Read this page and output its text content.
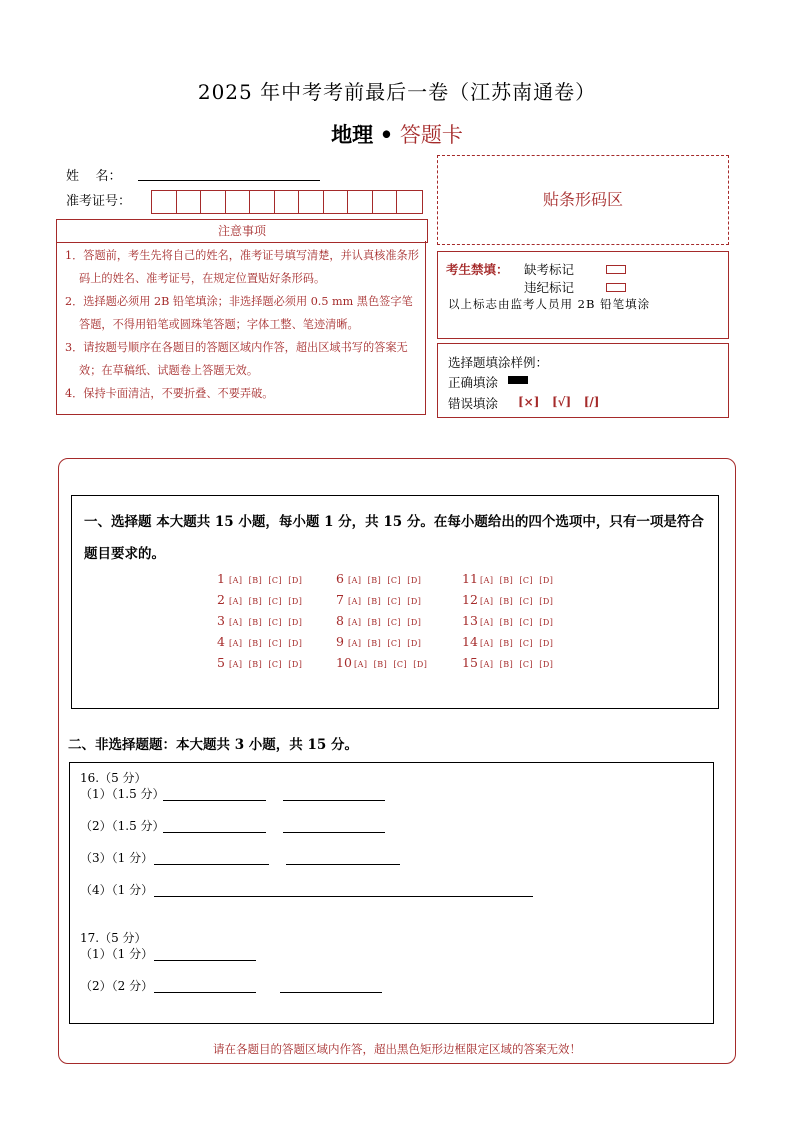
2025 年中考考前最后一卷（江苏南通卷）
地理 • 答题卡
姓    名：
准考证号：
注意事项
1．答题前，考生先将自己的姓名，准考证号填写清楚，并认真核准条形码上的姓名、准考证号，在规定位置贴好条形码。
2．选择题必须用 2B 铅笔填涂；非选择题必须用 0.5 mm 黑色签字笔答题，不得用铅笔或圆珠笔答题；字体工整、笔迹清晰。
3．请按题号顺序在各题目的答题区域内作答，超出区域书写的答案无效；在草稿纸、试题卷上答题无效。
4．保持卡面清洁，不要折叠、不要弄破。
贴条形码区
考生禁填： 缺考标记
违纪标记
以上标志由监考人员用 2B 铅笔填涂
选择题填涂样例：
正确填涂
错误填涂 [×]   [√]   [/]
一、选择题 本大题共 15 小题，每小题 1 分，共 15 分。在每小题给出的四个选项中，只有一项是符合
题目要求的。
1 [A]  [B]  [C]  [D]
2 [A]  [B]  [C]  [D]
3 [A]  [B]  [C]  [D]
4 [A]  [B]  [C]  [D]
5 [A]  [B]  [C]  [D]
6 [A]  [B]  [C]  [D]
7 [A]  [B]  [C]  [D]
8 [A]  [B]  [C]  [D]
9 [A]  [B]  [C]  [D]
10 [A]  [B]  [C]  [D]
11 [A]  [B]  [C]  [D]
12 [A]  [B]  [C]  [D]
13 [A]  [B]  [C]  [D]
14 [A]  [B]  [C]  [D]
15 [A]  [B]  [C]  [D]
二、非选择题题：本大题共 3 小题，共 15 分。
16.（5 分）
（1）（1.5 分）
（2）（1.5 分）
（3）（1 分）
（4）（1 分）
17.（5 分）
（1）（1 分）
（2）（2 分）
请在各题目的答题区域内作答，超出黑色矩形边框限定区域的答案无效！
